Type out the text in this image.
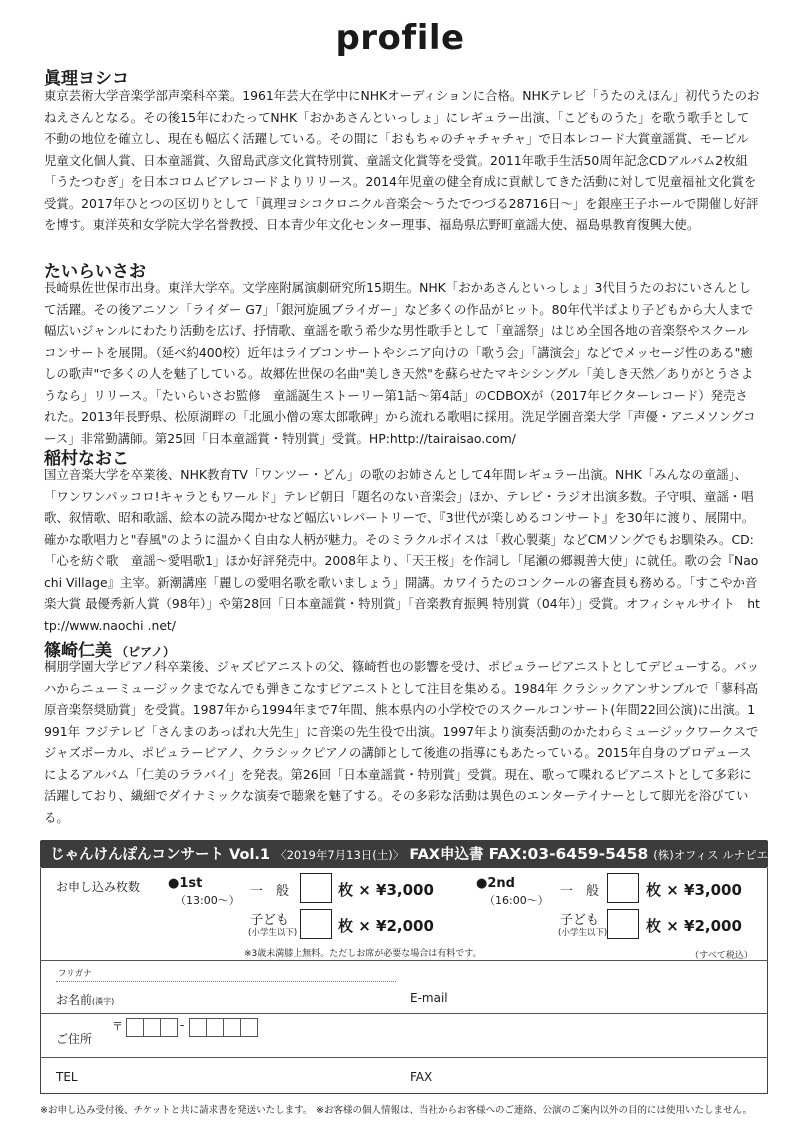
profile
眞理ヨシコ
東京芸術大学音楽学部声楽科卒業。1961年芸大在学中にNHKオーディションに合格。NHKテレビ「うたのえほん」初代うたのおねえさんとなる。その後15年にわたってNHK「おかあさんといっしょ」にレギュラー出演、「こどものうた」を歌う歌手として不動の地位を確立し、現在も幅広く活躍している。その間に「おもちゃのチャチャチャ」で日本レコード大賞童謡賞、モービル児童文化個人賞、日本童謡賞、久留島武彦文化賞特別賞、童謡文化賞等を受賞。2011年歌手生活50周年記念CDアルバム2枚組「うたつむぎ」を日本コロムビアレコードよりリリース。2014年児童の健全育成に貢献してきた活動に対して児童福祉文化賞を受賞。2017年ひとつの区切りとして「眞理ヨシコクロニクル音楽会～うたでつづる28716日～」を銀座王子ホールで開催し好評を博す。東洋英和女学院大学名誉教授、日本青少年文化センター理事、福島県広野町童謡大使、福島県教育復興大使。
たいらいさお
長崎県佐世保市出身。東洋大学卒。文学座附属演劇研究所15期生。NHK「おかあさんといっしょ」3代目うたのおにいさんとして活躍。その後アニソン「ライダー G7」「銀河旋風ブライガー」など多くの作品がヒット。80年代半ばより子どもから大人まで幅広いジャンルにわたり活動を広げ、抒情歌、童謡を歌う希少な男性歌手として「童謡祭」はじめ全国各地の音楽祭やスクールコンサートを展開。（延べ約400校）近年はライブコンサートやシニア向けの「歌う会」「講演会」などでメッセージ性のある"癒しの歌声"で多くの人を魅了している。故郷佐世保の名曲"美しき天然"を蘇らせたマキシシングル「美しき天然／ありがとうさようなら」リリース。「たいらいさお監修　童謡誕生ストーリー第1話～第4話」のCDBOXが（2017年ビクターレコード）発売された。2013年長野県、松原湖畔の「北風小僧の寒太郎歌碑」から流れる歌唱に採用。洗足学園音楽大学「声優・アニメソングコース」非常勤講師。第25回「日本童謡賞・特別賞」受賞。HP:http://tairaisao.com/
稲村なおこ
国立音楽大学を卒業後、NHK教育TV「ワンツー・どん」の歌のお姉さんとして4年間レギュラー出演。NHK「みんなの童謡」、「ワンワンパッコロ!キャラともワールド」テレビ朝日「題名のない音楽会」ほか、テレビ・ラジオ出演多数。子守唄、童謡・唱歌、叙情歌、昭和歌謡、絵本の読み聞かせなど幅広いレパートリーで、『3世代が楽しめるコンサート』を30年に渡り、展開中。確かな歌唱力と"春風"のように温かく自由な人柄が魅力。そのミラクルボイスは「救心製薬」などCMソングでもお馴染み。CD:「心を紡ぐ歌　童謡～愛唱歌1」ほか好評発売中。2008年より、「天王桜」を作詞し「尾瀬の郷親善大使」に就任。歌の会『Naochi Village』主宰。新潮講座「麗しの愛唱名歌を歌いましょう」開講。カワイうたのコンクールの審査員も務める。「すこやか音楽大賞 最優秀新人賞（98年）」や第28回「日本童謡賞・特別賞」「音楽教育振興 特別賞（04年）」受賞。オフィシャルサイト　http://www.naochi .net/
篠崎仁美 （ピアノ）
桐朋学園大学ピアノ科卒業後、ジャズピアニストの父、篠崎哲也の影響を受け、ポピュラーピアニストとしてデビューする。バッハからニューミュージックまでなんでも弾きこなすピアニストとして注目を集める。1984年 クラシックアンサンブルで「蓼科高原音楽祭奨励賞」を受賞。1987年から1994年まで7年間、熊本県内の小学校でのスクールコンサート(年間22回公演)に出演。1991年 フジテレビ「さんまのあっぱれ大先生」に音楽の先生役で出演。1997年より演奏活動のかたわらミュージックワークスでジャズボーカル、ポピュラーピアノ、クラシックピアノの講師として後進の指導にもあたっている。2015年自身のプロデュースによるアルバム「仁美のララバイ」を発表。第26回「日本童謡賞・特別賞」受賞。現在、歌って喋れるピアニストとして多彩に活躍しており、繊細でダイナミックな演奏で聴衆を魅了する。その多彩な活動は異色のエンターテイナーとして脚光を浴びている。
じゃんけんぽんコンサート Vol.1 〈2019年7月13日(土)〉 FAX申込書 FAX:03-6459-5458 (株)オフィス ルナピエナ
お申し込み枚数 ●1st
（13:00～）
一　般	枚 × ¥3,000
子ども
(小学生以下)	枚 × ¥2,000
●2nd
（16:00～）
一　般	枚 × ¥3,000
子ども
(小学生以下)	枚 × ¥2,000
※3歳未満膝上無料。ただしお席が必要な場合は有料です。	（すべて税込）
フリガナ
お名前(漢字)	E-mail
ご住所
〒	-
TEL	FAX
※お申し込み受付後、チケットと共に請求書を発送いたします。 ※お客様の個人情報は、当社からお客様へのご連絡、公演のご案内以外の目的には使用いたしません。
